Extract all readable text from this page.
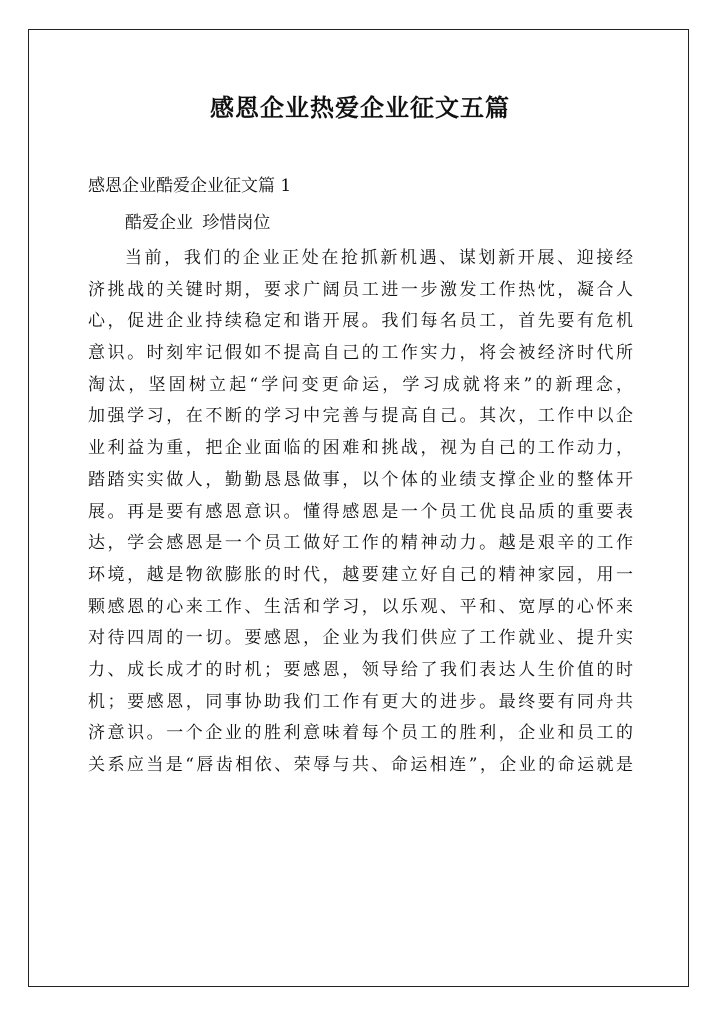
感恩企业热爱企业征文五篇

感恩企业酷爱企业征文篇 1

酷爱企业 珍惜岗位

当前，我们的企业正处在抢抓新机遇、谋划新开展、迎接经
济挑战的关键时期，要求广阔员工进一步激发工作热忱，凝合人
心，促进企业持续稳定和谐开展。我们每名员工，首先要有危机
意识。时刻牢记假如不提高自己的工作实力，将会被经济时代所
淘汰，坚固树立起“学问变更命运，学习成就将来”的新理念，
加强学习，在不断的学习中完善与提高自己。其次，工作中以企
业利益为重，把企业面临的困难和挑战，视为自己的工作动力，
踏踏实实做人，勤勤恳恳做事，以个体的业绩支撑企业的整体开
展。再是要有感恩意识。懂得感恩是一个员工优良品质的重要表
达，学会感恩是一个员工做好工作的精神动力。越是艰辛的工作
环境，越是物欲膨胀的时代，越要建立好自己的精神家园，用一
颗感恩的心来工作、生活和学习，以乐观、平和、宽厚的心怀来
对待四周的一切。要感恩，企业为我们供应了工作就业、提升实
力、成长成才的时机；要感恩，领导给了我们表达人生价值的时
机；要感恩，同事协助我们工作有更大的进步。最终要有同舟共
济意识。一个企业的胜利意味着每个员工的胜利，企业和员工的
关系应当是“唇齿相依、荣辱与共、命运相连”，企业的命运就是
